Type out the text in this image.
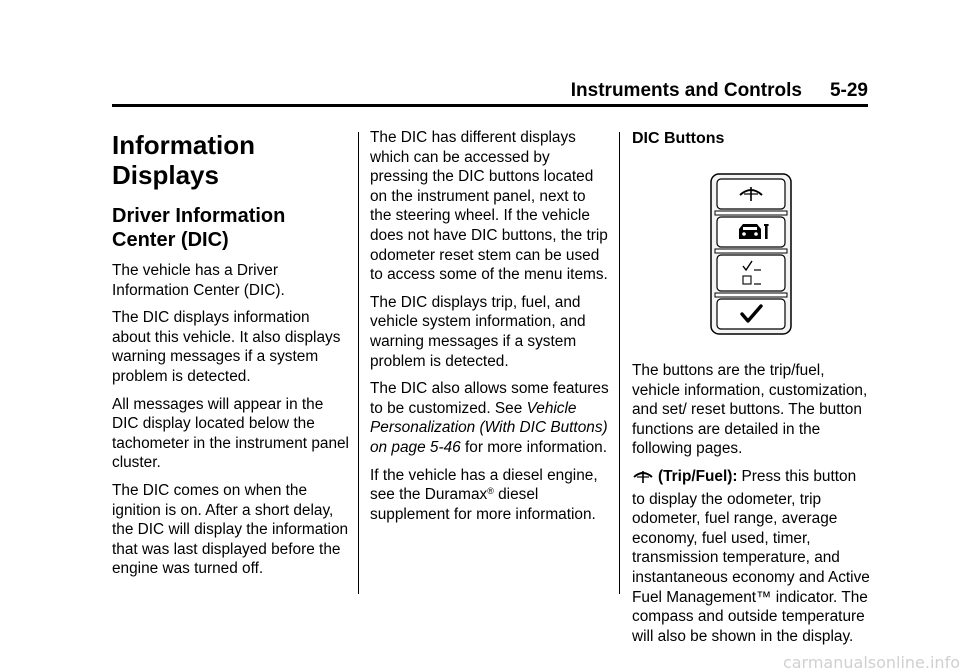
Instruments and Controls 5-29
Information Displays
Driver Information Center (DIC)

The vehicle has a Driver Information Center (DIC).

The DIC displays information about this vehicle. It also displays warning messages if a system problem is detected.

All messages will appear in the DIC display located below the tachometer in the instrument panel cluster.

The DIC comes on when the ignition is on. After a short delay, the DIC will display the information that was last displayed before the engine was turned off.

The DIC has different displays which can be accessed by pressing the DIC buttons located on the instrument panel, next to the steering wheel. If the vehicle does not have DIC buttons, the trip odometer reset stem can be used to access some of the menu items.

The DIC displays trip, fuel, and vehicle system information, and warning messages if a system problem is detected.

The DIC also allows some features to be customized. See Vehicle Personalization (With DIC Buttons) on page 5-46 for more information.

If the vehicle has a diesel engine, see the Duramax® diesel supplement for more information.

DIC Buttons

The buttons are the trip/fuel, vehicle information, customization, and set/ reset buttons. The button functions are detailed in the following pages.

(Trip/Fuel): Press this button to display the odometer, trip odometer, fuel range, average economy, fuel used, timer, transmission temperature, and instantaneous economy and Active Fuel Management™ indicator. The compass and outside temperature will also be shown in the display.

carmanualsonline.info
